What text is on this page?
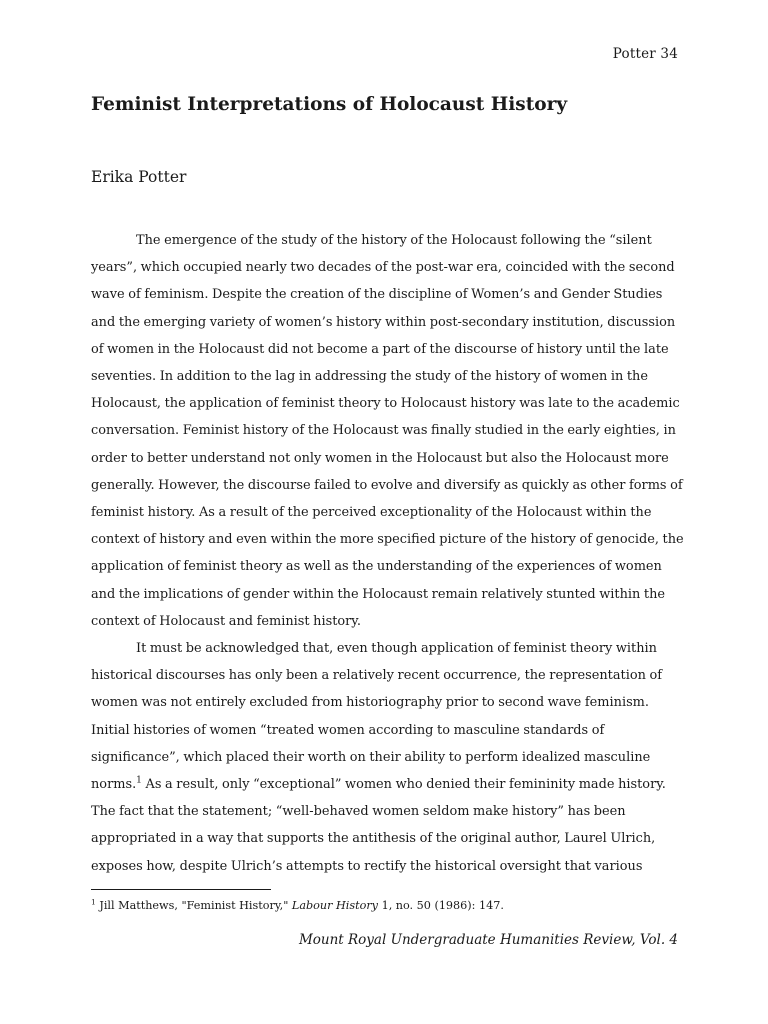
Potter 34
Feminist Interpretations of Holocaust History

Erika Potter

The emergence of the study of the history of the Holocaust following the “silent
years”, which occupied nearly two decades of the post-war era, coincided with the second
wave of feminism. Despite the creation of the discipline of Women’s and Gender Studies
and the emerging variety of women’s history within post-secondary institution, discussion
of women in the Holocaust did not become a part of the discourse of history until the late
seventies. In addition to the lag in addressing the study of the history of women in the
Holocaust, the application of feminist theory to Holocaust history was late to the academic
conversation. Feminist history of the Holocaust was finally studied in the early eighties, in
order to better understand not only women in the Holocaust but also the Holocaust more
generally. However, the discourse failed to evolve and diversify as quickly as other forms of
feminist history. As a result of the perceived exceptionality of the Holocaust within the
context of history and even within the more specified picture of the history of genocide, the
application of feminist theory as well as the understanding of the experiences of women
and the implications of gender within the Holocaust remain relatively stunted within the
context of Holocaust and feminist history.

It must be acknowledged that, even though application of feminist theory within
historical discourses has only been a relatively recent occurrence, the representation of
women was not entirely excluded from historiography prior to second wave feminism.
Initial histories of women “treated women according to masculine standards of
significance”, which placed their worth on their ability to perform idealized masculine
norms.$^1$ As a result, only “exceptional” women who denied their femininity made history.
The fact that the statement; “well-behaved women seldom make history” has been
appropriated in a way that supports the antithesis of the original author, Laurel Ulrich,
exposes how, despite Ulrich’s attempts to rectify the historical oversight that various

$^1$ Jill Matthews, "Feminist History," Labour History 1, no. 50 (1986): 147.

Mount Royal Undergraduate Humanities Review, Vol. 4
